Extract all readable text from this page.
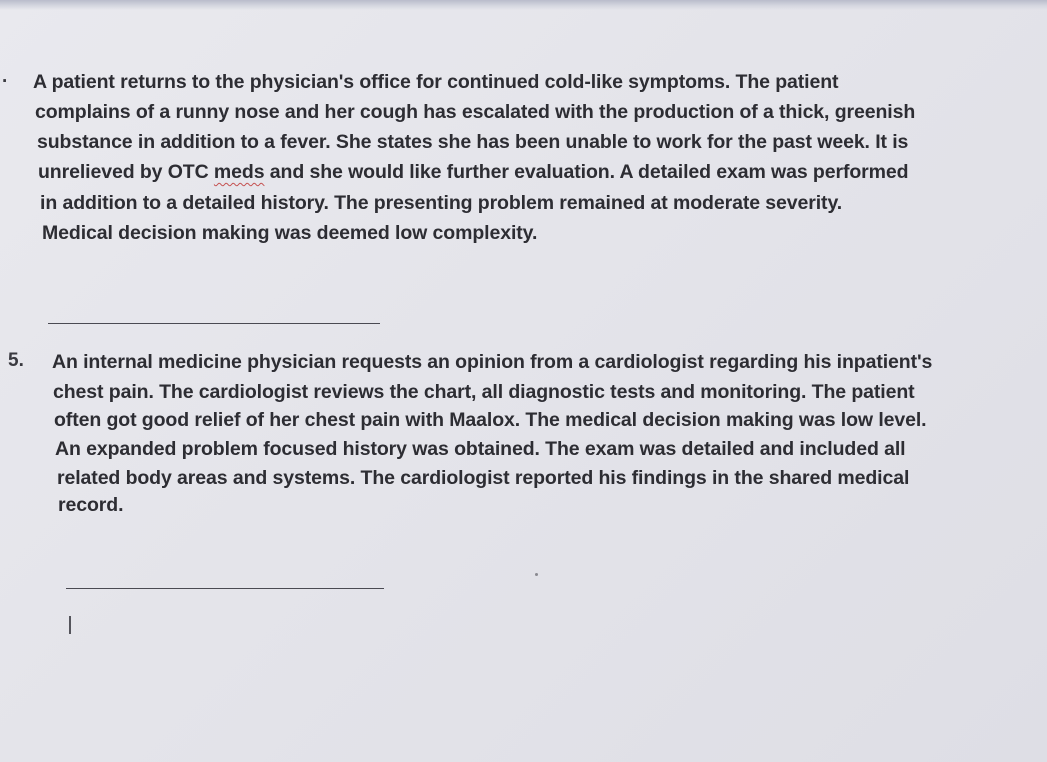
. A patient returns to the physician's office for continued cold-like symptoms. The patient
complains of a runny nose and her cough has escalated with the production of a thick, greenish
substance in addition to a fever. She states she has been unable to work for the past week. It is
unrelieved by OTC meds and she would like further evaluation. A detailed exam was performed
in addition to a detailed history. The presenting problem remained at moderate severity.
Medical decision making was deemed low complexity.
5. An internal medicine physician requests an opinion from a cardiologist regarding his inpatient's
chest pain. The cardiologist reviews the chart, all diagnostic tests and monitoring. The patient
often got good relief of her chest pain with Maalox. The medical decision making was low level.
An expanded problem focused history was obtained. The exam was detailed and included all
related body areas and systems. The cardiologist reported his findings in the shared medical
record.
